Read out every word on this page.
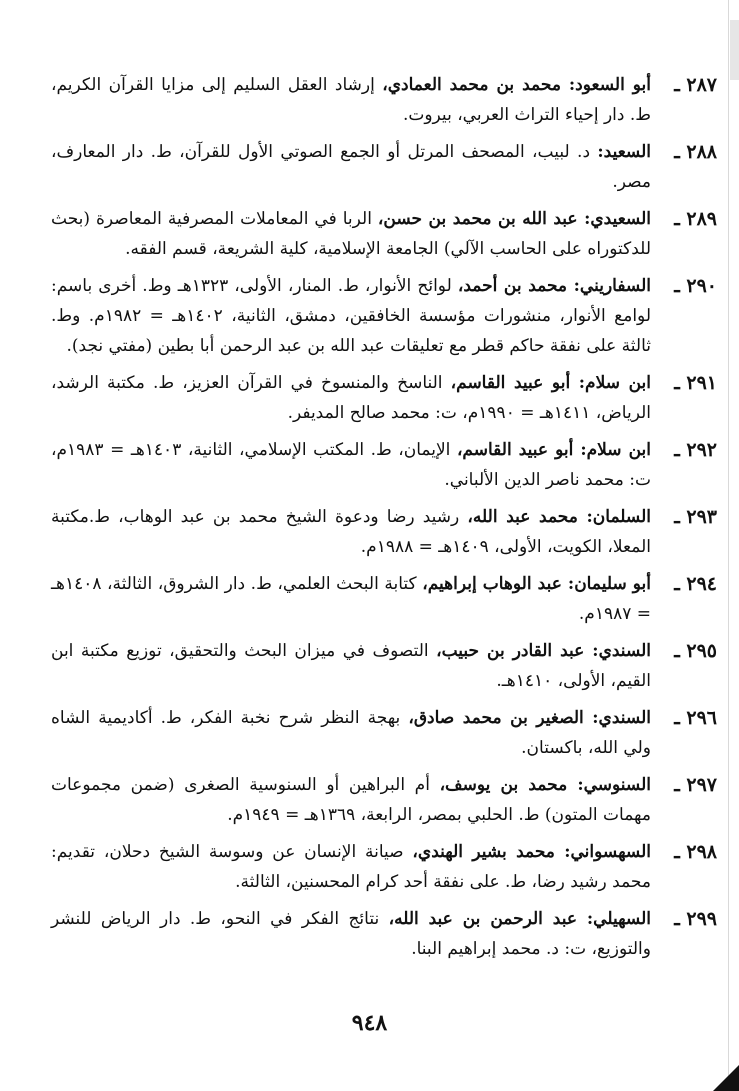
٢٨٧ ـ
أبو السعود: محمد بن محمد العمادي، إرشاد العقل السليم إلى مزايا القرآن الكريم، ط. دار إحياء التراث العربي، بيروت.
٢٨٨ ـ
السعيد: د. لبيب، المصحف المرتل أو الجمع الصوتي الأول للقرآن، ط. دار المعارف، مصر.
٢٨٩ ـ
السعيدي: عبد الله بن محمد بن حسن، الربا في المعاملات المصرفية المعاصرة (بحث للدكتوراه على الحاسب الآلي) الجامعة الإسلامية، كلية الشريعة، قسم الفقه.
٢٩٠ ـ
السفاريني: محمد بن أحمد، لوائح الأنوار، ط. المنار، الأولى، ١٣٢٣هـ وط. أخرى باسم: لوامع الأنوار، منشورات مؤسسة الخافقين، دمشق، الثانية، ١٤٠٢هـ = ١٩٨٢م. وط. ثالثة على نفقة حاكم قطر مع تعليقات عبد الله بن عبد الرحمن أبا بطين (مفتي نجد).
٢٩١ ـ
ابن سلام: أبو عبيد القاسم، الناسخ والمنسوخ في القرآن العزيز، ط. مكتبة الرشد، الرياض، ١٤١١هـ = ١٩٩٠م، ت: محمد صالح المديفر.
٢٩٢ ـ
ابن سلام: أبو عبيد القاسم، الإيمان، ط. المكتب الإسلامي، الثانية، ١٤٠٣هـ = ١٩٨٣م، ت: محمد ناصر الدين الألباني.
٢٩٣ ـ
السلمان: محمد عبد الله، رشيد رضا ودعوة الشيخ محمد بن عبد الوهاب، ط.مكتبة المعلا، الكويت، الأولى، ١٤٠٩هـ = ١٩٨٨م.
٢٩٤ ـ
أبو سليمان: عبد الوهاب إبراهيم، كتابة البحث العلمي، ط. دار الشروق، الثالثة، ١٤٠٨هـ = ١٩٨٧م.
٢٩٥ ـ
السندي: عبد القادر بن حبيب، التصوف في ميزان البحث والتحقيق، توزيع مكتبة ابن القيم، الأولى، ١٤١٠هـ.
٢٩٦ ـ
السندي: الصغير بن محمد صادق، بهجة النظر شرح نخبة الفكر، ط. أكاديمية الشاه ولي الله، باكستان.
٢٩٧ ـ
السنوسي: محمد بن يوسف، أم البراهين أو السنوسية الصغرى (ضمن مجموعات مهمات المتون) ط. الحلبي بمصر، الرابعة، ١٣٦٩هـ = ١٩٤٩م.
٢٩٨ ـ
السهسواني: محمد بشير الهندي، صيانة الإنسان عن وسوسة الشيخ دحلان، تقديم: محمد رشيد رضا، ط. على نفقة أحد كرام المحسنين، الثالثة.
٢٩٩ ـ
السهيلي: عبد الرحمن بن عبد الله، نتائج الفكر في النحو، ط. دار الرياض للنشر والتوزيع، ت: د. محمد إبراهيم البنا.
٩٤٨
